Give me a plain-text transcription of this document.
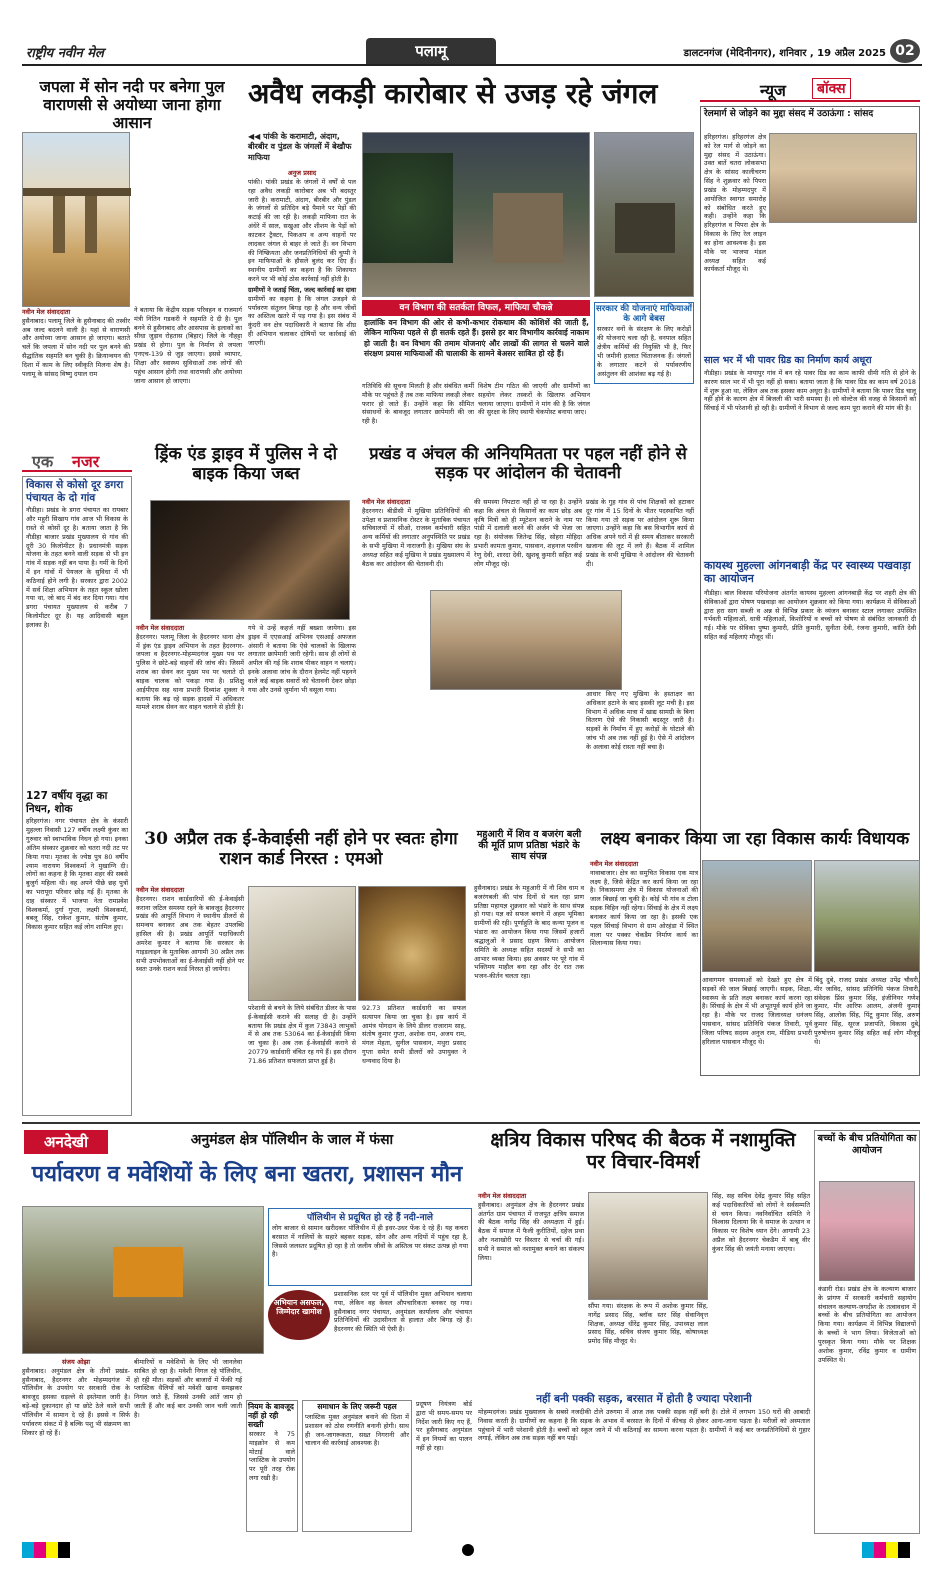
राष्ट्रीय नवीन मेल	पलामू	डालटनगंज (मेदिनीनगर), शनिवार , 19 अप्रैल 2025 02
जपला में सोन नदी पर बनेगा पुल वाराणसी से अयोध्या जाना होगा आसान
नवीन मेल संवाददाता
हुसैनाबाद। पलामू जिले के हुसैनाबाद की तस्वीर अब जल्द बदलने वाली है। यहां से वाराणसी और अयोध्या जाना आसान हो जाएगा। बताते चलें कि जपला में सोन नदी पर पुल बनने की सैद्धांतिक सहमति बन चुकी है। क्रियान्वयन की दिशा में काम के लिए स्वीकृति मिलना शेष है। पलामू के सांसद विष्णु दयाल राम
ने बताया कि केंद्रीय सड़क परिवहन व राजमार्ग मंत्री नितिन गडकरी ने सहमति दे दी है। पुल बनने से हुसैनाबाद और आसपास के इलाकों का सीधा जुड़ाव रोहतास (बिहार) जिले के नौहट्टा प्रखंड से होगा। पुल के निर्माण से जपला एनएच-139 से जुड़ जाएगा। इससे व्यापार, शिक्षा और स्वास्थ्य सुविधाओं तक लोगों की पहुंच आसान होगी तथा वाराणसी और अयोध्या जाना आसान हो जाएगा।
अवैध लकड़ी कारोबार से उजड़ रहे जंगल
◀◀ पांकी के करामाटी, अंदाग, बीरबीर व पुंडल के जंगलों में बेखौफ माफिया
अनुज प्रसाद
पांकी। पांकी प्रखंड के जंगलों में वर्षों से पल रहा अवैध लकड़ी कारोबार अब भी बदस्तूर जारी है। करामाटी, अंदाग, बीरबीर और पुंडल के जंगलों से प्रतिदिन बड़े पैमाने पर पेड़ों की कटाई की जा रही है। लकड़ी माफिया रात के अंधेरे में साल, सखुआ और शीशम के पेड़ों को काटकर ट्रैक्टर, पिकअप व अन्य वाहनों पर लादकर जंगल से बाहर ले जाते हैं। वन विभाग की निष्क्रियता और जनप्रतिनिधियों की चुप्पी ने इन माफियाओं के हौसले बुलंद कर दिए हैं। स्थानीय ग्रामीणों का कहना है कि शिकायत करने पर भी कोई ठोस कार्रवाई नहीं होती है।
ग्रामीणों ने जताई चिंता, जल्द कार्रवाई का दावा
ग्रामीणों का कहना है कि जंगल उजड़ने से पर्यावरण संतुलन बिगड़ रहा है और वन्य जीवों का अस्तित्व खतरे में पड़ गया है। इस संबंध में कुंदरी वन क्षेत्र पदाधिकारी ने बताया कि शीघ्र ही अभियान चलाकर दोषियों पर कार्रवाई की जाएगी।
वन विभाग की सतर्कता विफल, माफिया चौकन्ने
हालांकि वन विभाग की ओर से कभी-कभार रोकथाम की कोशिशें की जाती हैं, लेकिन माफिया पहले से ही सतर्क रहते हैं। इससे हर बार विभागीय कार्रवाई नाकाम हो जाती है। वन विभाग की तमाम योजनाएं और लाखों की लागत से चलने वाले संरक्षण प्रयास माफियाओं की चालाकी के सामने बेअसर साबित हो रहे हैं।
सरकार की योजनाएं माफियाओं के आगे बेबस
सरकार वनों के संरक्षण के लिए करोड़ों की योजनाएं चला रही है, वनपाल सहित क्षेत्रीय कर्मियों की नियुक्ति भी है, फिर भी जमीनी हालात चिंताजनक हैं। जंगलों के लगातार कटने से पर्यावरणीय असंतुलन की आशंका बढ़ गई है।
गतिविधि की सूचना मिलती है और संबंधित कर्मी मौके पर पहुंचते हैं तब तक माफिया लकड़ी लेकर फरार हो जाते हैं। उन्होंने कहा कि सीमित संसाधनों के बावजूद लगातार छापेमारी की जा रही है।
विशेष टीम गठित की जाएगी और ग्रामीणों का सहयोग लेकर तस्करों के खिलाफ अभियान चलाया जाएगा। ग्रामीणों ने मांग की है कि जंगल की सुरक्षा के लिए स्थायी चेकपोस्ट बनाया जाए।
न्यूज	बॉक्स
रेलमार्ग से जोड़ने का मुद्दा संसद में उठाऊंगा : सांसद
हरिहरगंज। हरिहरगंज क्षेत्र को रेल मार्ग से जोड़ने का मुद्दा संसद में उठाऊंगा। उक्त बातें चतरा लोकसभा क्षेत्र के सांसद कालीचरण सिंह ने शुक्रवार को पिपरा प्रखंड के मोहम्मदपुर में आयोजित स्वागत समारोह को संबोधित करते हुए कही। उन्होंने कहा कि हरिहरगंज व पिपरा क्षेत्र के विकास के लिए रेल लाइन का होना आवश्यक है। इस मौके पर भाजपा मंडल अध्यक्ष सहित कई कार्यकर्ता मौजूद थे।
साल भर में भी पावर ग्रिड का निर्माण कार्य अधूरा
नौडीहा। प्रखंड के मायापुर गांव में बन रहे पावर ग्रिड का काम काफी धीमी गति से होने के कारण साल भर में भी पूरा नहीं हो सका। बताया जाता है कि पावर ग्रिड का काम वर्ष 2018 में शुरू हुआ था, लेकिन अब तक इसका काम अधूरा है। ग्रामीणों ने बताया कि पावर ग्रिड चालू नहीं होने के कारण क्षेत्र में बिजली की भारी समस्या है। लो वोल्टेज की वजह से किसानों को सिंचाई में भी परेशानी हो रही है। ग्रामीणों ने विभाग से जल्द काम पूरा कराने की मांग की है।
कायस्थ मुहल्ला आंगनबाड़ी केंद्र पर स्वास्थ्य पखवाड़ा का आयोजन
नौडीहा। बाल विकास परियोजना अंतर्गत कायस्थ मुहल्ला आंगनबाड़ी केंद्र पर शहरी क्षेत्र की सेविकाओं द्वारा पोषण पखवाड़ा का आयोजन शुक्रवार को किया गया। कार्यक्रम में सेविकाओं द्वारा हरा साग सब्जी व अन्न से विभिन्न प्रकार के व्यंजन बनाकर स्टाल लगाकर उपस्थित गर्भवती महिलाओं, धात्री महिलाओं, किशोरियों व बच्चों को पोषण से संबंधित जानकारी दी गई। मौके पर सेविका पुष्पा कुमारी, प्रीति कुमारी, सुनीता देवी, रंजना कुमारी, कांति देवी सहित कई महिलाएं मौजूद थीं।
एक नजर
विकास से कोसो दूर डगरा पंचायत के दो गांव
नौडीहा। प्रखंड के डगरा पंचायत का रायबार और महुरी सिखाय गांव आज भी विकास के रास्ते से कोसों दूर है। बताया जाता है कि नौडीहा बाजार प्रखंड मुख्यालय से गांव की दूरी 30 किलोमीटर है। प्रधानमंत्री सड़क योजना के तहत बनने वाली सड़क से भी इन गांव में सड़क नहीं बन पाया है। गर्मी के दिनों में इन गांवों में पेयजल के सुविधा में भी कठिनाई होने लगी है। सरकार द्वारा 2002 में सर्व शिक्षा अभियान के तहत स्कूल खोला गया था, जो बाद में बंद कर दिया गया। गांव डगरा पंचायत मुख्यालय से करीब 7 किलोमीटर दूर है। यह आदिवासी बहुल इलाका है।
127 वर्षीय वृद्धा का निधन, शोक
हरिहरगंज। नगर पंचायत क्षेत्र के कंसारी मुहल्ला निवासी 127 वर्षीय लक्ष्मी कुंवर का गुरुवार को स्वाभाविक निधन हो गया। इनका अंतिम संस्कार शुक्रवार को चतरा नदी तट पर किया गया। मृतका के ज्येष्ठ पुत्र 80 वर्षीय श्याम नारायण विश्वकर्मा ने मुखाग्नि दी। लोगों का कहना है कि मृतका शहर की सबसे बुजुर्ग महिला थी। वह अपने पीछे छह पुत्रों का भरापूरा परिवार छोड़ गई हैं। मृतका के दाह संस्कार में भाजपा नेता रामप्रवेश विश्वकर्मा, दुर्गा गुप्ता, लक्ष्मी विश्वकर्मा, बबलू सिंह, राकेश कुमार, संतोष कुमार, विकास कुमार सहित कई लोग शामिल हुए।
ड्रिंक एंड ड्राइव में पुलिस ने दो बाइक किया जब्त
नवीन मेल संवाददाता
हैदरनगर। पलामू जिला के हैदरनगर थाना क्षेत्र में ड्रंक एंड ड्राइव अभियान के तहत हैदरनगर-जपला व हैदरनगर-मोहम्मदगंज मुख्य पथ पर पुलिस ने छोटे-बड़े वाहनों की जांच की। जिसमें शराब का सेवन कर मुख्य पथ पर चलाते दो बाइक चालक को पकड़ा गया है। प्रशिक्षु आईपीएस सह थाना प्रभारी दिव्यांश शुक्ला ने बताया कि बढ़ रहे सड़क हादसों में अधिकतर मामले शराब सेवन कर वाहन चलाने से होती है।
गये थे उन्हें कहर्ज नहीं बख्शा जायेगा। इस ड्राइव में एएसआई अभिनव एसआई अफजल अंसारी ने बताया कि ऐसे चालकों के खिलाफ लगातार छापेमारी जारी रहेगी। साथ ही लोगों से अपील की गई कि शराब पीकर वाहन न चलाएं। इनके अलावा जांच के दौरान हेलमेट नहीं पहनने वाले कई बाइक सवारों को चेतावनी देकर छोड़ा गया और उनसे जुर्माना भी वसूला गया।
प्रखंड व अंचल की अनियमितता पर पहल नहीं होने से सड़क पर आंदोलन की चेतावनी
नवीन मेल संवाददाता
हैदरनगर। बीडीसी में मुखिया प्रतिनिधियों की उपेक्षा व प्रशासनिक रोस्टर के मुताबिक पंचायत सचिवालयों में सीओ, राजस्व कर्मचारी सहित अन्य कर्मियों की लगातार अनुपस्थिति पर प्रखंड के सभी मुखिया में नाराजगी है। मुखिया संघ के अध्यक्ष सहित कई मुखिया ने प्रखंड मुख्यालय में बैठक कर आंदोलन की चेतावनी दी।
की समस्या निपटारा नहीं हो पा रहा है। उन्होंने कहा कि अंचल से किसानों का काम छोड़ अब कृषि मित्रों को ही म्यूटेशन कराने के नाम पर पांडी में दलाली करने की अर्जन भी भेजा जा रहा है। संयोजक जितेन्द्र सिंह, सोहरा मोहिदा प्रभारी कामता कुमार, पासवान, शहनाज परवीन रेणु देवी, शारदा देवी, खुशबू कुमारी सहित कई लोग मौजूद रहे।
प्रखंड के गुह गांव से पांच शिक्षकों को हटाकर दूर गांव में 15 दिनों के भीतर पदस्थापित नहीं किया गया तो सड़क पर आंदोलन शुरू किया जाएगा। उन्होंने कहा कि बस विभागीय कार्य से अधिक अपने घरों में ही समय बीताकर सरकारी खजाना की लूट में लगे हैं। बैठक में शामिल प्रखंड के सभी मुखिया ने आंदोलन की चेतावनी दी।
आधार किए गए मुखिया के हस्ताक्षर का अधिकार हटाने के बाद इसकी लूट मची है। इस विभाग में अधिक मात्रा में खाद्य सामग्री के बिना वितरण ऐसे की निकासी बदस्तूर जारी है। सड़कों के निर्माण में हुए करोड़ों के घोटाले की जांच भी अब तक नहीं हुई है। ऐसे में आंदोलन के अलावा कोई रास्ता नहीं बचा है।
30 अप्रैल तक ई-केवाईसी नहीं होने पर स्वतः होगा राशन कार्ड निरस्त : एमओ
नवीन मेल संवाददाता
हैदरनगर। राशन कार्डधारियों की ई-केवाईसी कराना जटिल समस्या रहने के बावजूद हैदरनगर प्रखंड की आपूर्ति विभाग ने स्थानीय डीलरों से समन्वय बनाकर अब तक बेहतर उपलब्धि हासिल की है। प्रखंड आपूर्ति पदाधिकारी अमरेश कुमार ने बताया कि सरकार के गाइडलाइन के मुताबिक आगामी 30 अप्रैल तक सभी उपभोक्ताओं का ई-केवाईसी नहीं होने पर स्वतः उनके राशन कार्ड निरस्त हो जायेगा।
परेशानी से बचने के लिये संबंधित डीलर के पास ई-केवाईसी कराने की सलाह दी है। उन्होंने बताया कि प्रखंड क्षेत्र में कुल 73843 लाभुकों में से अब तक 53064 का ई-केवाईसी किया जा चुका है। अब तक ई-केवाईसी कराने से 20779 कार्डधारी वंचित रह गये हैं। इस दौरान 71.86 प्रतिशत सफलता प्राप्त हुई है।
92.73 प्रतिशत कार्डधारी का सफल सत्यापन किया जा चुका है। इस कार्य में आमंत्र योगदान के लिये डीलर राजाराम साह, संतोष कुमार गुप्ता, अशोक राम, अजय राम, मंगल मेहता, सुनील पासवान, मथुरा प्रसाद गुप्ता समेत सभी डीलरों को उपायुक्त ने धन्यवाद दिया है।
महुआरी में शिव व बजरंग बली की मूर्ति प्राण प्रतिष्ठा भंडारे के साथ संपन्न
हुसैनाबाद। प्रखंड के महुआरी में नौ शिव धाम व बजरंगबली की पांच दिनों से चल रहा प्राण प्रतिष्ठा महायज्ञ शुक्रवार को भंडारे के साथ संपन्न हो गया। यज्ञ को सफल बनाने में अहम भूमिका ग्रामीणों की रही। पूर्णाहुति के बाद कन्या पूजन व भंडारा का आयोजन किया गया जिसमें हजारों श्रद्धालुओं ने प्रसाद ग्रहण किया। आयोजन समिति के अध्यक्ष सहित सदस्यों ने सभी का आभार व्यक्त किया। इस अवसर पर पूरे गांव में भक्तिमय माहौल बना रहा और देर रात तक भजन-कीर्तन चलता रहा।
लक्ष्य बनाकर किया जा रहा विकास कार्यः विधायक
नवीन मेल संवाददाता
नावाबाजार। क्षेत्र का समुचित विकास एक मात्र लक्ष्य है, जिसे केंद्रित कर कार्य किया जा रहा है। निकासमगा क्षेत्र में विकास योजनाओं की जाल बिछाई जा चुकी है। कोई भी गांव व टोला सड़क विहिन नहीं रहेगा। सिंचाई के क्षेत्र में लक्ष्य बनाकर कार्य किया जा रहा है। इसकी एक पहल सिंचाई विभाग से ग्राम ओरहंडा में स्थित नाला पर पक्का चेकडैम निर्माण कार्य का शिलान्यास किया गया।
आवागमन समस्याओं को देखते हुए क्षेत्र में सड़कों की जाल बिछाई जाएगी। सड़क, शिक्षा, स्वास्थ्य के प्रति लक्ष्य बनाकर कार्य करना रहा है। सिंचाई के क्षेत्र में भी अभूतपूर्व कार्य होने जा रहा है। मौके पर राजद जिलाध्यक्ष धनंजय पासवान, सांसद प्रतिनिधि पंकज तिवारी, पूर्व जिला परिषद सदस्य अनुज राम, मीडिया प्रभारी हरिलाल पासवान मौजूद थे।
बिंदु दुबे, राजद प्रखंड अध्यक्ष उपेंद्र चौधरी, मीर जाविद, सांसद प्रतिनिधि पंकज तिवारी, संवेदक प्रिंस कुमार सिंह, इंजीनियर गणेश कुमार, मीर आरिफ आलम, अंजनी कुमार सिंह, आलोक सिंह, पिंटू कुमार सिंह, अरुण कुमार सिंह, सूरज प्रजापति, विकास दुबे, पुरुषोत्तम कुमार सिंह सहित कई लोग मौजूद थे।
अनदेखी	अनुमंडल क्षेत्र पॉलिथीन के जाल में फंसा
पर्यावरण व मवेशियों के लिए बना खतरा, प्रशासन मौन
पॉलिथीन से प्रदूषित हो रहे हैं नदी-नाले
लोग बाजार से सामान खरीदकर पॉलिथीन में ही इधर-उधर फेंक दे रहे हैं। यह कचरा बरसात में नालियों के सहारे बहकर सड़क, सोन और अन्य नदियों में पहुंच रहा है, जिससे जलस्तर प्रदूषित हो रहा है तो जलीय जीवों के अस्तित्व पर संकट उत्पन्न हो गया है।
अभियान असफल, जिम्मेदार खामोश
प्रशासनिक स्तर पर पूर्व में पॉलिथीन मुक्त अभियान चलाया गया, लेकिन वह केवल औपचारिकता बनकर रह गया। हुसैनाबाद नगर पंचायत, अनुमंडल कार्यालय और पंचायत प्रतिनिधियों की उदासीनता से हालात और बिगड़ रहे हैं। हैदरनगर की स्थिति भी ऐसी है।
संजय ओझा
हुसैनाबाद। अनुमंडल क्षेत्र के तीनों प्रखंड-हुसैनाबाद, हैदरनगर और मोहम्मदगंज में पॉलिथीन के उपयोग पर सरकारी रोक के बावजूद इसका धड़ल्ले से इस्तेमाल जारी है। बड़े-बड़े दुकानदार हो या छोटे ठेले वाले सभी पॉलिथीन में सामान दे रहे हैं। इससे न सिर्फ पर्यावरण संकट में है बल्कि पशु भी संक्रमण का शिकार हो रहे हैं।
बीमारियों व मवेशियों के लिए भी जानलेवा साबित हो रहा है। मवेशी निगल रहे पॉलिथीन, हो रही मौत। सड़कों और बाजारों में फेंकी गई प्लास्टिक थैलियों को मवेशी खाना समझकर निगल जाते हैं, जिससे उनकी आंतें जाम हो जाती हैं और कई बार उनकी जान चली जाती है।
नियम के बावजूद नहीं हो रही सख्ती
सरकार ने 75 माइक्रोन से कम मोटाई वाले प्लास्टिक के उपयोग पर पूरी तरह रोक लगा रखी है।
समाधान के लिए जरूरी पहल
प्लास्टिक मुक्त अनुमंडल बनाने की दिशा में प्रशासन को ठोस रणनीति बनानी होगी। साथ ही जन-जागरूकता, सख्त निगरानी और चालान की कार्रवाई आवश्यक है।
प्रदूषण नियंत्रण बोर्ड द्वारा भी समय-समय पर निर्देश जारी किए गए हैं, पर हुसैनाबाद अनुमंडल में इन नियमों का पालन नहीं हो रहा।
क्षत्रिय विकास परिषद की बैठक में नशामुक्ति पर विचार-विमर्श
नवीन मेल संवाददाता
हुसैनाबाद। अनुमंडल क्षेत्र के हैदरनगर प्रखंड अंतर्गत ग्राम पंचायत में राजपूत क्षत्रिय समाज की बैठक नागेंद्र सिंह की अध्यक्षता में हुई। बैठक में समाज में फैली कुरीतियों, दहेज प्रथा और नशाखोरी पर विस्तार से चर्चा की गई। सभी ने समाज को नशामुक्त बनाने का संकल्प लिया।
सिंह, सह सचिव देवेंद्र कुमार सिंह सहित कई पदाधिकारियों को लोगों ने सर्वसम्मति से चयन किया। नवनिर्वाचित समिति ने विश्वास दिलाया कि वे समाज के उत्थान व विकास पर विशेष ध्यान देंगे। आगामी 23 अप्रैल को हैदरनगर चेकडैम में बाबू वीर कुंवर सिंह की जयंती मनाया जाएगा।
सौंपा गया। संरक्षक के रूप में अशोक कुमार सिंह, नागेंद्र प्रसाद सिंह, ब्लॉक स्तर सिंह सेवानिवृत्त शिक्षक, अध्यक्ष धीरेंद्र कुमार सिंह, उपाध्यक्ष लाल प्रसाद सिंह, सचिव संजय कुमार सिंह, कोषाध्यक्ष प्रमोद सिंह मौजूद थे।
नहीं बनी पक्की सड़क, बरसात में होती है ज्यादा परेशानी
मोहम्मदगंज। प्रखंड मुख्यालय के सबसे नजदीकी टोले उरुगमा में आज तक पक्की सड़क नहीं बनी है। टोले में लगभग 150 घरों की आबादी निवास करती है। ग्रामीणों का कहना है कि सड़क के अभाव में बरसात के दिनों में कीचड़ से होकर आना-जाना पड़ता है। मरीजों को अस्पताल पहुंचाने में भारी परेशानी होती है। बच्चों को स्कूल जाने में भी कठिनाई का सामना करना पड़ता है। ग्रामीणों ने कई बार जनप्रतिनिधियों से गुहार लगाई, लेकिन अब तक सड़क नहीं बन पाई।
बच्चों के बीच प्रतियोगिता का आयोजन
कंडारी रोड। प्रखंड क्षेत्र के कल्याण बाजार के प्रांगण में सरकारी कर्मचारी सहायोग संचालन कल्याण-जगदीश के तत्वावधान में बच्चों के बीच प्रतियोगिता का आयोजन किया गया। कार्यक्रम में विभिन्न विद्यालयों के बच्चों ने भाग लिया। विजेताओं को पुरस्कृत किया गया। मौके पर शिक्षक अशोक कुमार, रविंद्र कुमार व ग्रामीण उपस्थित थे।
